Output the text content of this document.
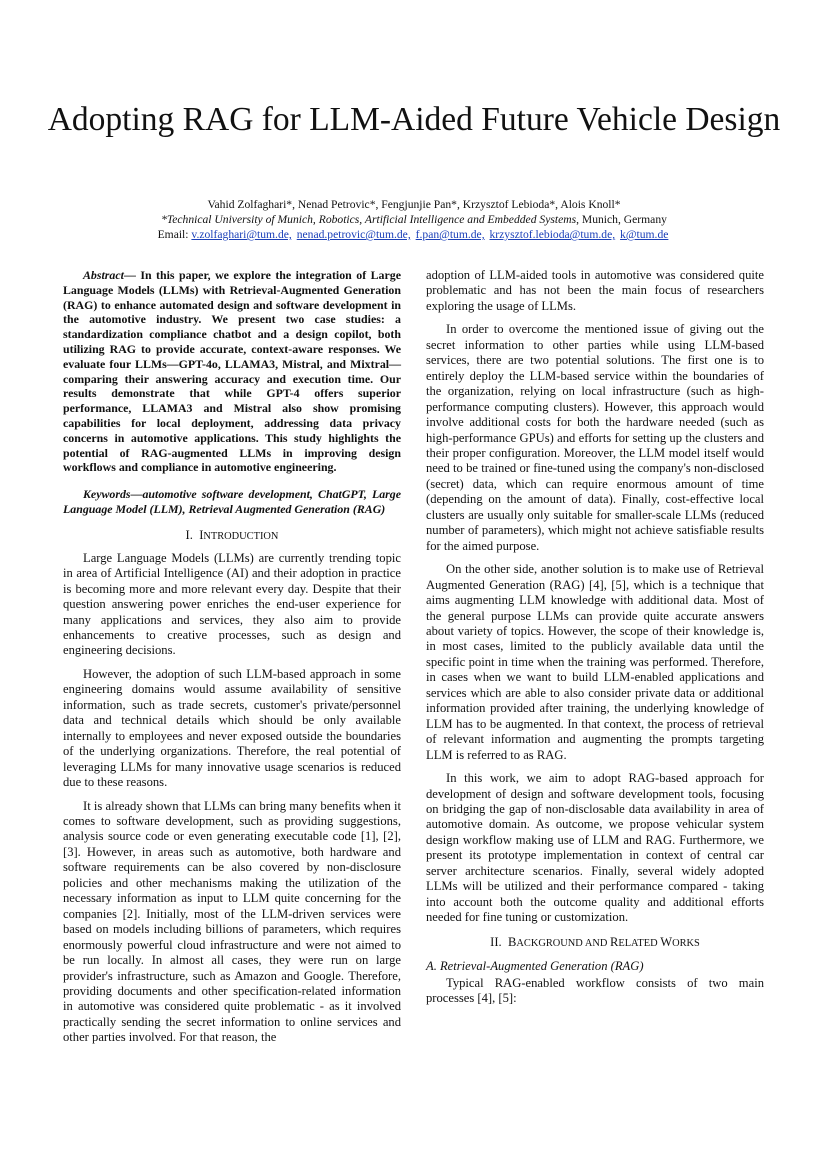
Adopting RAG for LLM-Aided Future Vehicle Design
Vahid Zolfaghari*, Nenad Petrovic*, Fengjunjie Pan*, Krzysztof Lebioda*, Alois Knoll*
*Technical University of Munich, Robotics, Artificial Intelligence and Embedded Systems, Munich, Germany
Email: v.zolfaghari@tum.de, nenad.petrovic@tum.de, f.pan@tum.de, krzysztof.lebioda@tum.de, k@tum.de

Abstract— In this paper, we explore the integration of Large Language Models (LLMs) with Retrieval-Augmented Generation (RAG) to enhance automated design and software development in the automotive industry. We present two case studies: a standardization compliance chatbot and a design copilot, both utilizing RAG to provide accurate, context-aware responses. We evaluate four LLMs—GPT-4o, LLAMA3, Mistral, and Mixtral—comparing their answering accuracy and execution time. Our results demonstrate that while GPT-4 offers superior performance, LLAMA3 and Mistral also show promising capabilities for local deployment, addressing data privacy concerns in automotive applications. This study highlights the potential of RAG-augmented LLMs in improving design workflows and compliance in automotive engineering.

Keywords—automotive software development, ChatGPT, Large Language Model (LLM), Retrieval Augmented Generation (RAG)

I. INTRODUCTION

Large Language Models (LLMs) are currently trending topic in area of Artificial Intelligence (AI) and their adoption in practice is becoming more and more relevant every day. Despite that their question answering power enriches the end-user experience for many applications and services, they also aim to provide enhancements to creative processes, such as design and engineering decisions.

However, the adoption of such LLM-based approach in some engineering domains would assume availability of sensitive information, such as trade secrets, customer's private/personnel data and technical details which should be only available internally to employees and never exposed outside the boundaries of the underlying organizations. Therefore, the real potential of leveraging LLMs for many innovative usage scenarios is reduced due to these reasons.

It is already shown that LLMs can bring many benefits when it comes to software development, such as providing suggestions, analysis source code or even generating executable code [1], [2], [3]. However, in areas such as automotive, both hardware and software requirements can be also covered by non-disclosure policies and other mechanisms making the utilization of the necessary information as input to LLM quite concerning for the companies [2]. Initially, most of the LLM-driven services were based on models including billions of parameters, which requires enormously powerful cloud infrastructure and were not aimed to be run locally. In almost all cases, they were run on large provider's infrastructure, such as Amazon and Google. Therefore, providing documents and other specification-related information in automotive was considered quite problematic - as it involved practically sending the secret information to online services and other parties involved. For that reason, the

adoption of LLM-aided tools in automotive was considered quite problematic and has not been the main focus of researchers exploring the usage of LLMs.

In order to overcome the mentioned issue of giving out the secret information to other parties while using LLM-based services, there are two potential solutions. The first one is to entirely deploy the LLM-based service within the boundaries of the organization, relying on local infrastructure (such as high-performance computing clusters). However, this approach would involve additional costs for both the hardware needed (such as high-performance GPUs) and efforts for setting up the clusters and their proper configuration. Moreover, the LLM model itself would need to be trained or fine-tuned using the company's non-disclosed (secret) data, which can require enormous amount of time (depending on the amount of data). Finally, cost-effective local clusters are usually only suitable for smaller-scale LLMs (reduced number of parameters), which might not achieve satisfiable results for the aimed purpose.

On the other side, another solution is to make use of Retrieval Augmented Generation (RAG) [4], [5], which is a technique that aims augmenting LLM knowledge with additional data. Most of the general purpose LLMs can provide quite accurate answers about variety of topics. However, the scope of their knowledge is, in most cases, limited to the publicly available data until the specific point in time when the training was performed. Therefore, in cases when we want to build LLM-enabled applications and services which are able to also consider private data or additional information provided after training, the underlying knowledge of LLM has to be augmented. In that context, the process of retrieval of relevant information and augmenting the prompts targeting LLM is referred to as RAG.

In this work, we aim to adopt RAG-based approach for development of design and software development tools, focusing on bridging the gap of non-disclosable data availability in area of automotive domain. As outcome, we propose vehicular system design workflow making use of LLM and RAG. Furthermore, we present its prototype implementation in context of central car server architecture scenarios. Finally, several widely adopted LLMs will be utilized and their performance compared - taking into account both the outcome quality and additional efforts needed for fine tuning or customization.

II. BACKGROUND AND RELATED WORKS
A. Retrieval-Augmented Generation (RAG)

Typical RAG-enabled workflow consists of two main processes [4], [5]:
